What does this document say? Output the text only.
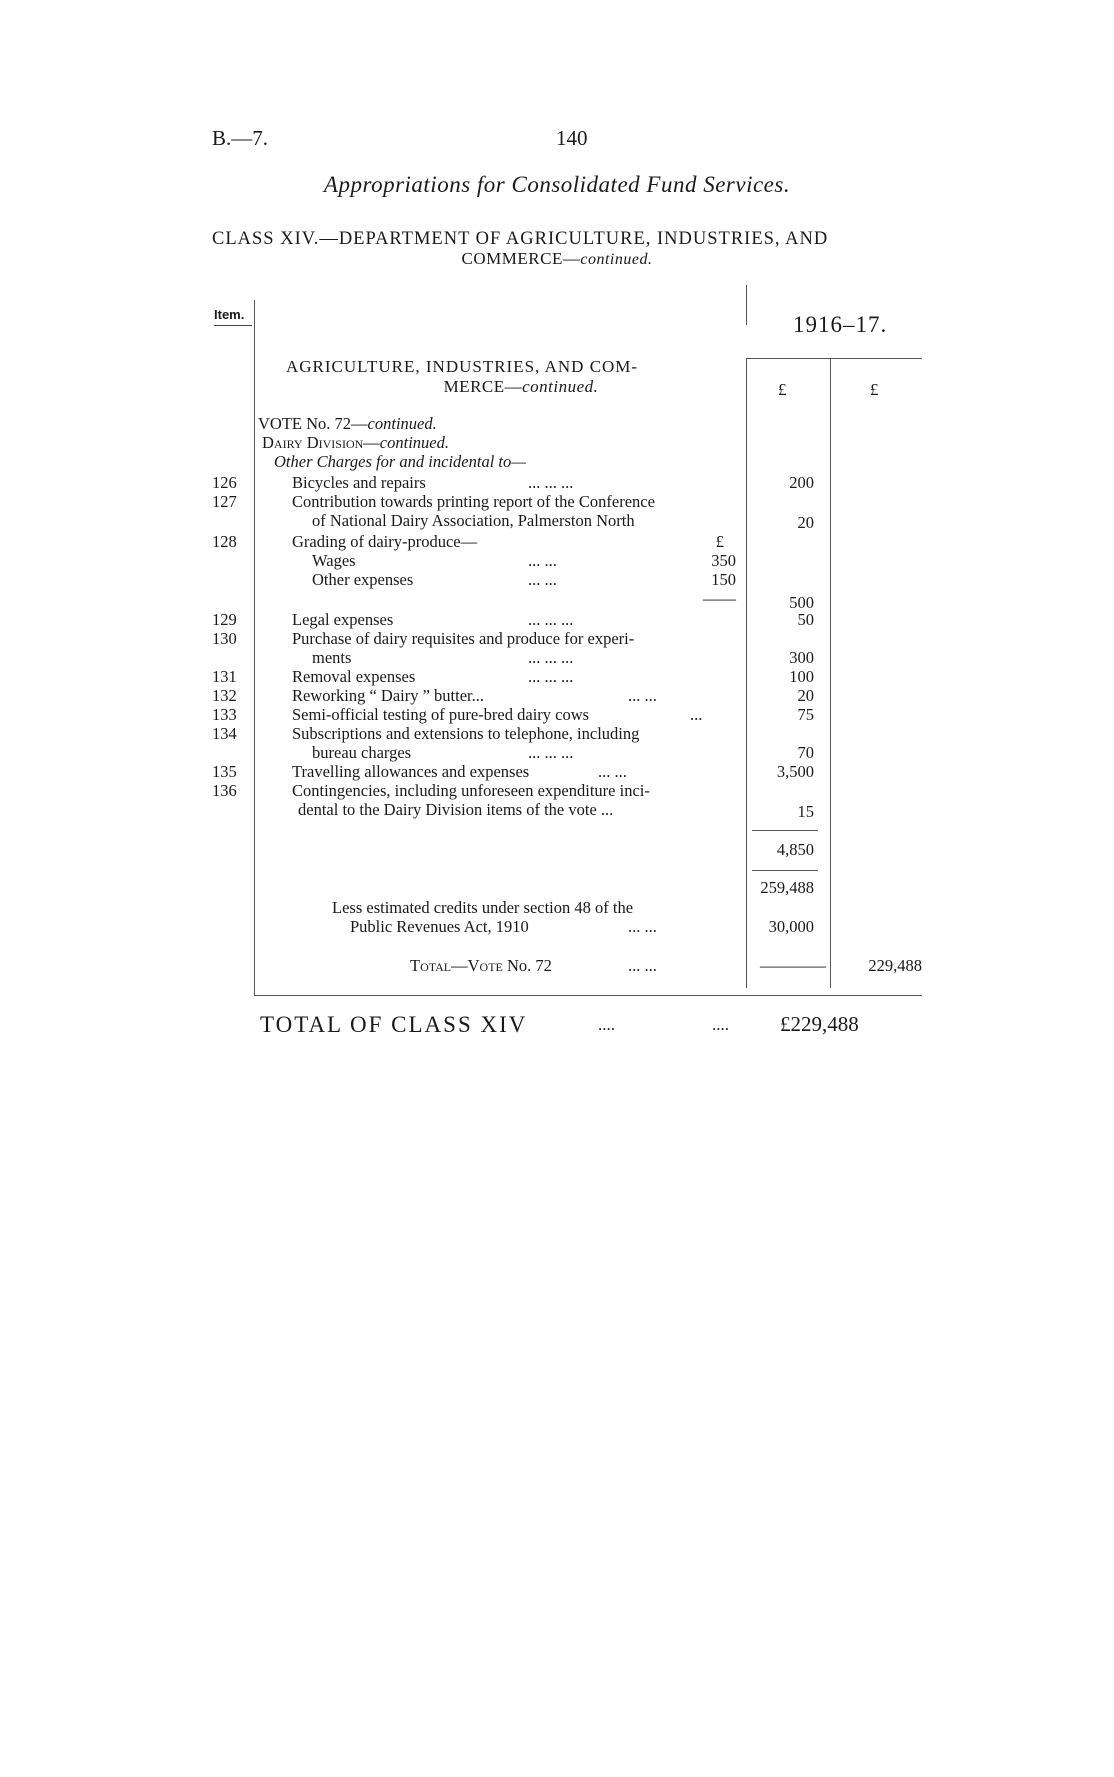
B.—7.	140
Appropriations for Consolidated Fund Services.
CLASS XIV.—DEPARTMENT OF AGRICULTURE, INDUSTRIES, AND
COMMERCE—continued.
Item.	1916–17.
AGRICULTURE, INDUSTRIES, AND COM-
MERCE—continued.	£	£
VOTE No. 72—continued.
Dairy Division—continued.
Other Charges for and incidental to—
126	Bicycles and repairs	... ... ...	200
127	Contribution towards printing report of the Conference
of National Dairy Association, Palmerston North	20
128	Grading of dairy-produce—	£
Wages	... ...	350
Other expenses	... ...	150
——	500
129	Legal expenses	... ... ...	50
130	Purchase of dairy requisites and produce for experi-
ments	... ... ...	300
131	Removal expenses	... ... ...	100
132	Reworking “ Dairy ” butter...	... ...	20
133	Semi-official testing of pure-bred dairy cows	...	75
134	Subscriptions and extensions to telephone, including
bureau charges	... ... ...	70
135	Travelling allowances and expenses	... ...	3,500
136	Contingencies, including unforeseen expenditure inci-
dental to the Dairy Division items of the vote ...	15
4,850
259,488
Less estimated credits under section 48 of the
Public Revenues Act, 1910	... ...	30,000
Total—Vote No. 72	... ...	————	229,488
TOTAL OF CLASS XIV	....	.... £229,488
